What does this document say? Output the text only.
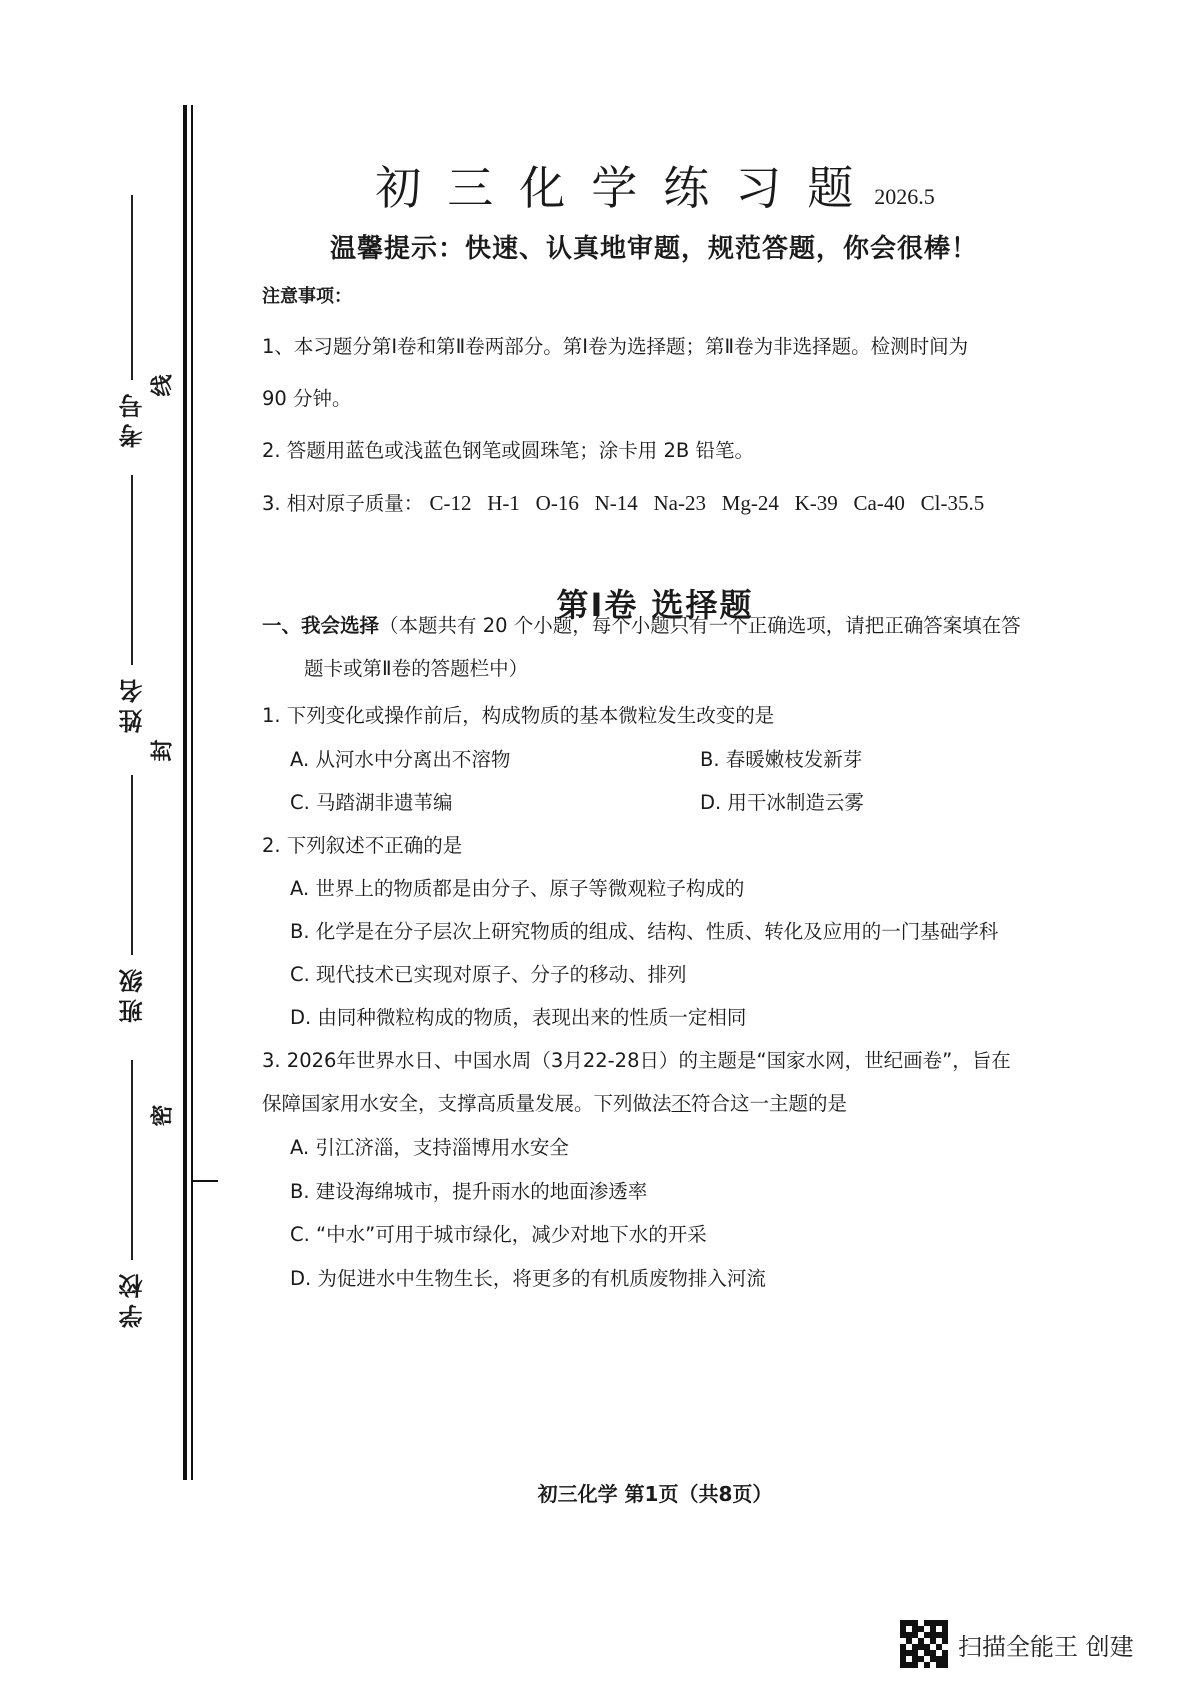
考号
姓名
班级
学校
线
封
密
初三化学练习题 2026.5
温馨提示：快速、认真地审题，规范答题，你会很棒！
注意事项：
1、本习题分第Ⅰ卷和第Ⅱ卷两部分。第Ⅰ卷为选择题；第Ⅱ卷为非选择题。检测时间为
90 分钟。
2. 答题用蓝色或浅蓝色钢笔或圆珠笔；涂卡用 2B 铅笔。
3. 相对原子质量： C-12   H-1   O-16   N-14   Na-23   Mg-24   K-39   Ca-40   Cl-35.5
第Ⅰ卷 选择题
一、我会选择（本题共有 20 个小题，每个小题只有一个正确选项，请把正确答案填在答
题卡或第Ⅱ卷的答题栏中）
1. 下列变化或操作前后，构成物质的基本微粒发生改变的是
A. 从河水中分离出不溶物	B. 春暖嫩枝发新芽
C. 马踏湖非遗苇编	D. 用干冰制造云雾
2. 下列叙述不正确的是
A. 世界上的物质都是由分子、原子等微观粒子构成的
B. 化学是在分子层次上研究物质的组成、结构、性质、转化及应用的一门基础学科
C. 现代技术已实现对原子、分子的移动、排列
D. 由同种微粒构成的物质，表现出来的性质一定相同
3. 2026年世界水日、中国水周（3月22-28日）的主题是“国家水网，世纪画卷”，旨在
保障国家用水安全，支撑高质量发展。下列做法不符合这一主题的是
A. 引江济淄，支持淄博用水安全
B. 建设海绵城市，提升雨水的地面渗透率
C. “中水”可用于城市绿化，减少对地下水的开采
D. 为促进水中生物生长，将更多的有机质废物排入河流
初三化学 第1页（共8页）
扫描全能王 创建
